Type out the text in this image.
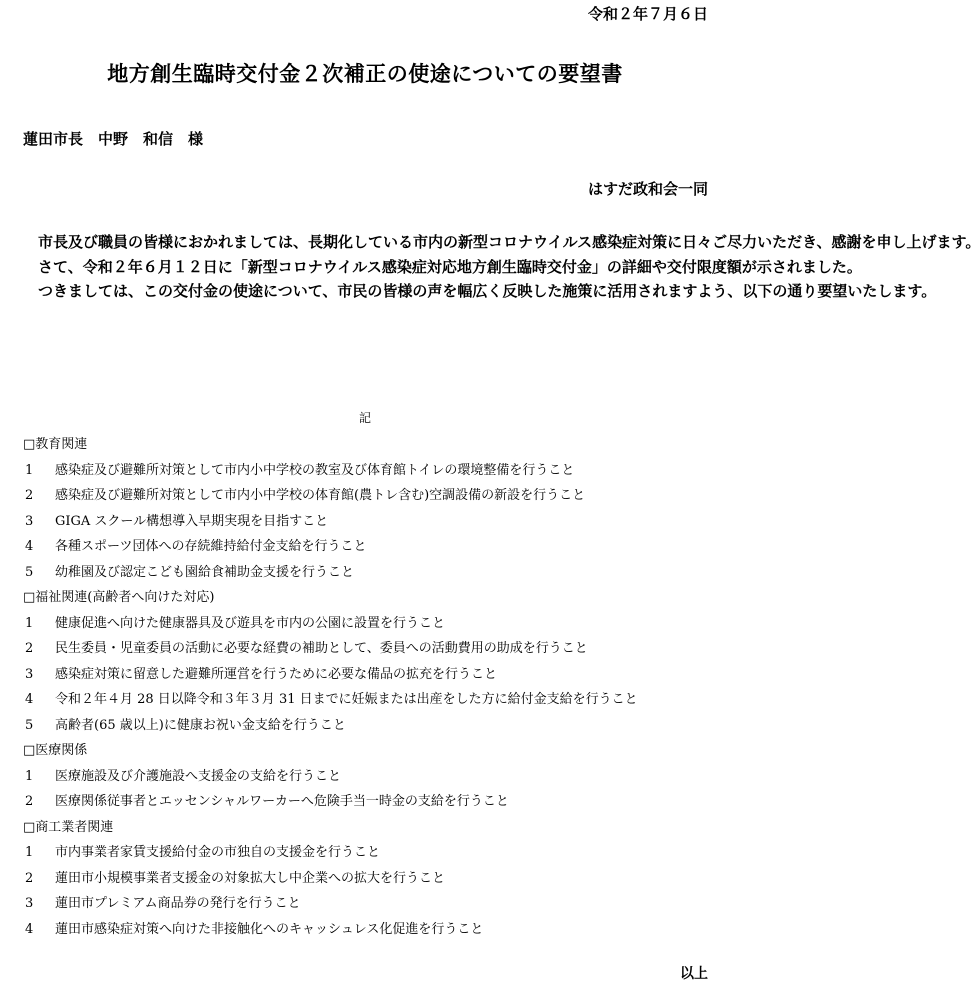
令和２年７月６日
地方創生臨時交付金２次補正の使途についての要望書
蓮田市長　中野　和信　様
はすだ政和会一同

　市長及び職員の皆様におかれましては、長期化している市内の新型コロナウイルス感染症対策に日々ご尽力いただき、感謝を申し上げます。

　さて、令和２年６月１２日に「新型コロナウイルス感染症対応地方創生臨時交付金」の詳細や交付限度額が示されました。

　つきましては、この交付金の使途について、市民の皆様の声を幅広く反映した施策に活用されますよう、以下の通り要望いたします。

記
□教育関連
1	感染症及び避難所対策として市内小中学校の教室及び体育館トイレの環境整備を行うこと
2	感染症及び避難所対策として市内小中学校の体育館(農トレ含む)空調設備の新設を行うこと
3	GIGA スクール構想導入早期実現を目指すこと
4	各種スポーツ団体への存続維持給付金支給を行うこと
5	幼稚園及び認定こども園給食補助金支援を行うこと
□福祉関連(高齢者へ向けた対応)
1	健康促進へ向けた健康器具及び遊具を市内の公園に設置を行うこと
2	民生委員・児童委員の活動に必要な経費の補助として、委員への活動費用の助成を行うこと
3	感染症対策に留意した避難所運営を行うために必要な備品の拡充を行うこと
4	令和２年４月 28 日以降令和３年３月 31 日までに妊娠または出産をした方に給付金支給を行うこと
5	高齢者(65 歳以上)に健康お祝い金支給を行うこと
□医療関係
1	医療施設及び介護施設へ支援金の支給を行うこと
2	医療関係従事者とエッセンシャルワーカーへ危険手当一時金の支給を行うこと
□商工業者関連
1	市内事業者家賃支援給付金の市独自の支援金を行うこと
2	蓮田市小規模事業者支援金の対象拡大し中企業への拡大を行うこと
3	蓮田市プレミアム商品券の発行を行うこと
4	蓮田市感染症対策へ向けた非接触化へのキャッシュレス化促進を行うこと
以上
